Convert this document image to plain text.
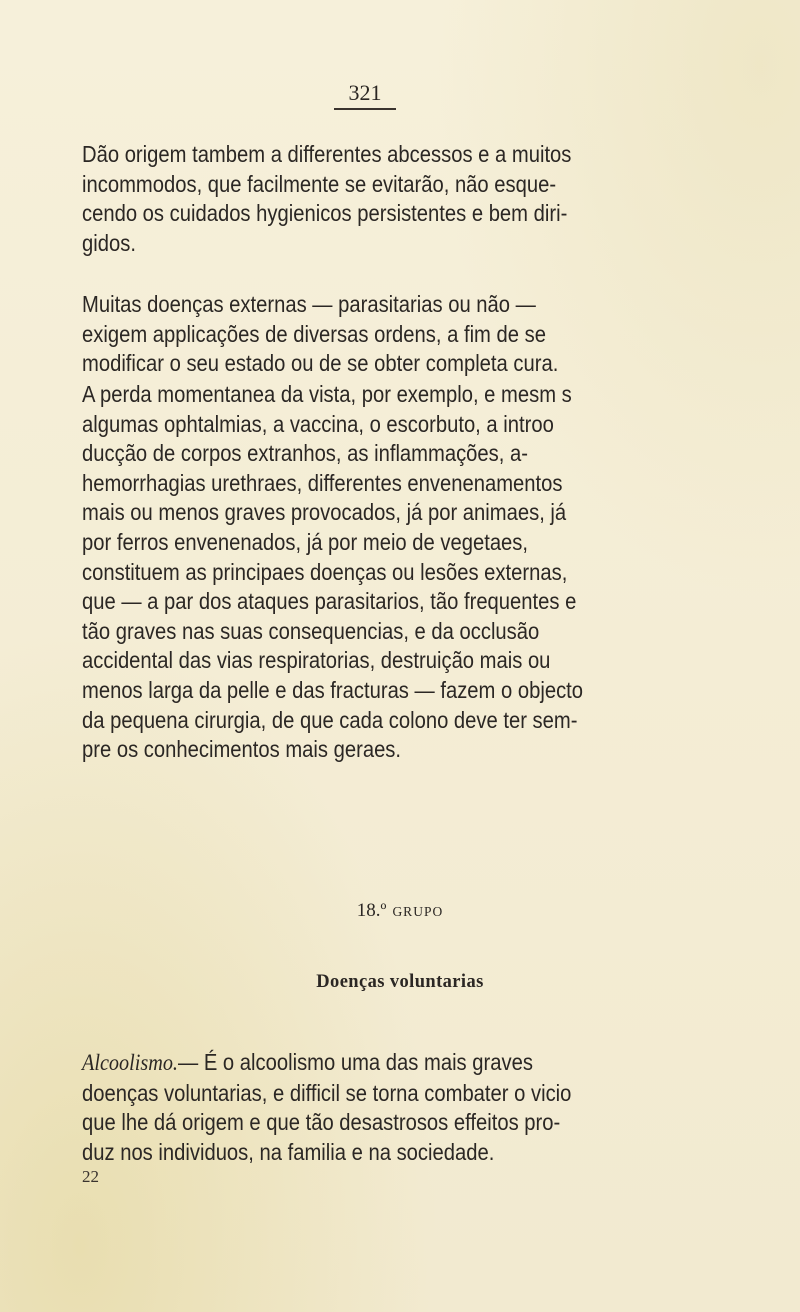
321
Dão origem tambem a differentes abcessos e a muitos
incommodos, que facilmente se evitarão, não esque-
cendo os cuidados hygienicos persistentes e bem diri-
gidos.
Muitas doenças externas — parasitarias ou não —
exigem applicações de diversas ordens, a fim de se
modificar o seu estado ou de se obter completa cura.
A perda momentanea da vista, por exemplo, e mesm s
algumas ophtalmias, a vaccina, o escorbuto, a introo
ducção de corpos extranhos, as inflammações, a-
hemorrhagias urethraes, differentes envenenamentos
mais ou menos graves provocados, já por animaes, já
por ferros envenenados, já por meio de vegetaes,
constituem as principaes doenças ou lesões externas,
que — a par dos ataques parasitarios, tão frequentes e
tão graves nas suas consequencias, e da occlusão
accidental das vias respiratorias, destruição mais ou
menos larga da pelle e das fracturas — fazem o objecto
da pequena cirurgia, de que cada colono deve ter sem-
pre os conhecimentos mais geraes.
18.º GRUPO
Doenças voluntarias
Alcoolismo.— É o alcoolismo uma das mais graves
doenças voluntarias, e difficil se torna combater o vicio
que lhe dá origem e que tão desastrosos effeitos pro-
duz nos individuos, na familia e na sociedade.
22
